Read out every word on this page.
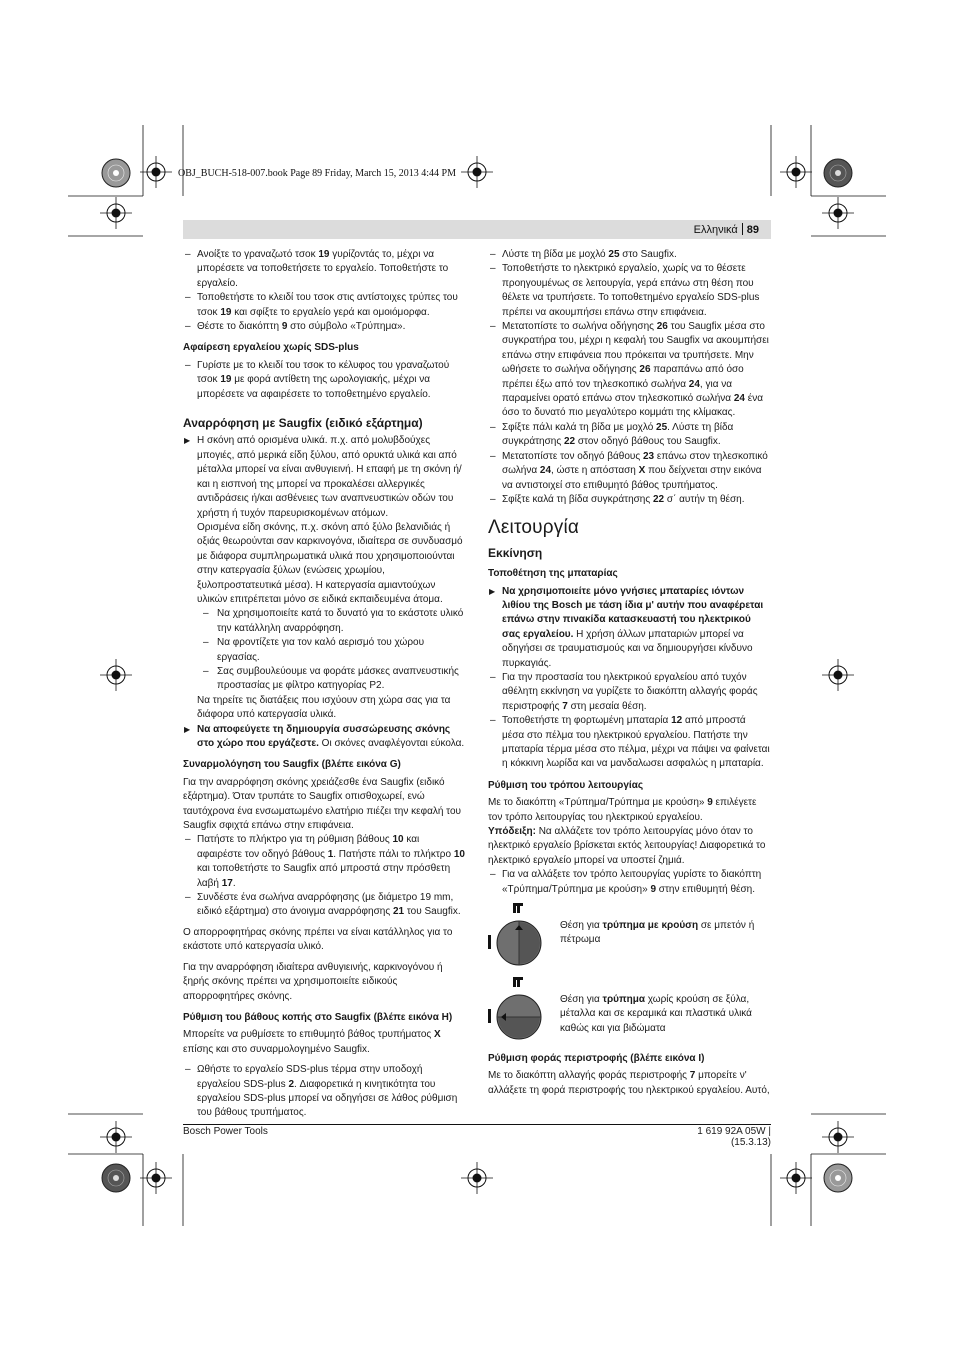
OBJ_BUCH-518-007.book Page 89 Friday, March 15, 2013 4:44 PM
Ελληνικά 89

– Ανοίξτε το γραναζωτό τσοκ 19 γυρίζοντάς το, μέχρι να μπορέσετε να τοποθετήσετε το εργαλείο. Τοποθετήστε το εργαλείο.

– Τοποθετήστε το κλειδί του τσοκ στις αντίστοιχες τρύπες του τσοκ 19 και σφίξτε το εργαλείο γερά και ομοιόμορφα.

– Θέστε το διακόπτη 9 στο σύμβολο «Τρύπημα».

Αφαίρεση εργαλείου χωρίς SDS-plus

– Γυρίστε με το κλειδί του τσοκ το κέλυφος του γραναζωτού τσοκ 19 με φορά αντίθετη της ωρολογιακής, μέχρι να μπορέσετε να αφαιρέσετε το τοποθετημένο εργαλείο.

Αναρρόφηση με Saugfix (ειδικό εξάρτημα)

▶ Η σκόνη από ορισμένα υλικά. π.χ. από μολυβδούχες μπογιές, από μερικά είδη ξύλου, από ορυκτά υλικά και από μέταλλα μπορεί να είναι ανθυγιεινή. Η επαφή με τη σκόνη ή/και η εισπνοή της μπορεί να προκαλέσει αλλεργικές αντιδράσεις ή/και ασθένειες των αναπνευστικών οδών του χρήστη ή τυχόν παρευρισκομένων ατόμων.

Ορισμένα είδη σκόνης, π.χ. σκόνη από ξύλο βελανιδιάς ή οξιάς θεωρούνται σαν καρκινογόνα, ιδιαίτερα σε συνδυασμό με διάφορα συμπληρωματικά υλικά που χρησιμοποιούνται στην κατεργασία ξύλων (ενώσεις χρωμίου, ξυλοπροστατευτικά μέσα). Η κατεργασία αμιαντούχων υλικών επιτρέπεται μόνο σε ειδικά εκπαιδευμένα άτομα.

– Να χρησιμοποιείτε κατά το δυνατό για το εκάστοτε υλικό την κατάλληλη αναρρόφηση.

– Να φροντίζετε για τον καλό αερισμό του χώρου εργασίας.

– Σας συμβουλεύουμε να φοράτε μάσκες αναπνευστικής προστασίας με φίλτρο κατηγορίας P2.

Να τηρείτε τις διατάξεις που ισχύουν στη χώρα σας για τα διάφορα υπό κατεργασία υλικά.

▶ Να αποφεύγετε τη δημιουργία συσσώρευσης σκόνης στο χώρο που εργάζεστε. Οι σκόνες αναφλέγονται εύκολα.

Συναρμολόγηση του Saugfix (βλέπε εικόνα G)

Για την αναρρόφηση σκόνης χρειάζεσθε ένα Saugfix (ειδικό εξάρτημα). Όταν τρυπάτε το Saugfix οπισθοχωρεί, ενώ ταυτόχρονα ένα ενσωματωμένο ελατήριο πιέζει την κεφαλή του Saugfix σφιχτά επάνω στην επιφάνεια.

– Πατήστε το πλήκτρο για τη ρύθμιση βάθους 10 και αφαιρέστε τον οδηγό βάθους 1. Πατήστε πάλι το πλήκτρο 10 και τοποθετήστε το Saugfix από μπροστά στην πρόσθετη λαβή 17.

– Συνδέστε ένα σωλήνα αναρρόφησης (με διάμετρο 19 mm, ειδικό εξάρτημα) στο άνοιγμα αναρρόφησης 21 του Saugfix.

Ο απορροφητήρας σκόνης πρέπει να είναι κατάλληλος για το εκάστοτε υπό κατεργασία υλικό.

Για την αναρρόφηση ιδιαίτερα ανθυγιεινής, καρκινογόνου ή ξηρής σκόνης πρέπει να χρησιμοποιείτε ειδικούς απορροφητήρες σκόνης.

Ρύθμιση του βάθους κοπής στο Saugfix (βλέπε εικόνα H)

Μπορείτε να ρυθμίσετε το επιθυμητό βάθος τρυπήματος X επίσης και στο συναρμολογημένο Saugfix.

– Ωθήστε το εργαλείο SDS-plus τέρμα στην υποδοχή εργαλείου SDS-plus 2. Διαφορετικά η κινητικότητα του εργαλείου SDS-plus μπορεί να οδηγήσει σε λάθος ρύθμιση του βάθους τρυπήματος.

– Λύστε τη βίδα με μοχλό 25 στο Saugfix.

– Τοποθετήστε το ηλεκτρικό εργαλείο, χωρίς να το θέσετε προηγουμένως σε λειτουργία, γερά επάνω στη θέση που θέλετε να τρυπήσετε. Το τοποθετημένο εργαλείο SDS-plus πρέπει να ακουμπήσει επάνω στην επιφάνεια.

– Μετατοπίστε το σωλήνα οδήγησης 26 του Saugfix μέσα στο συγκρατήρα του, μέχρι η κεφαλή του Saugfix να ακουμπήσει επάνω στην επιφάνεια που πρόκειται να τρυπήσετε. Μην ωθήσετε το σωλήνα οδήγησης 26 παραπάνω από όσο πρέπει έξω από τον τηλεσκοπικό σωλήνα 24, για να παραμείνει ορατό επάνω στον τηλεσκοπικό σωλήνα 24 ένα όσο το δυνατό πιο μεγαλύτερο κομμάτι της κλίμακας.

– Σφίξτε πάλι καλά τη βίδα με μοχλό 25. Λύστε τη βίδα συγκράτησης 22 στον οδηγό βάθους του Saugfix.

– Μετατοπίστε τον οδηγό βάθους 23 επάνω στον τηλεσκοπικό σωλήνα 24, ώστε η απόσταση X που δείχνεται στην εικόνα να αντιστοιχεί στο επιθυμητό βάθος τρυπήματος.

– Σφίξτε καλά τη βίδα συγκράτησης 22 σ΄ αυτήν τη θέση.

Λειτουργία

Εκκίνηση

Τοποθέτηση της μπαταρίας

▶ Να χρησιμοποιείτε μόνο γνήσιες μπαταρίες ιόντων λιθίου της Bosch με τάση ίδια μ' αυτήν που αναφέρεται επάνω στην πινακίδα κατασκευαστή του ηλεκτρικού σας εργαλείου. Η χρήση άλλων μπαταριών μπορεί να οδηγήσει σε τραυματισμούς και να δημιουργήσει κίνδυνο πυρκαγιάς.

– Για την προστασία του ηλεκτρικού εργαλείου από τυχόν αθέλητη εκκίνηση να γυρίζετε το διακόπτη αλλαγής φοράς περιστροφής 7 στη μεσαία θέση.

– Τοποθετήστε τη φορτωμένη μπαταρία 12 από μπροστά μέσα στο πέλμα του ηλεκτρικού εργαλείου. Πατήστε την μπαταρία τέρμα μέσα στο πέλμα, μέχρι να πάψει να φαίνεται η κόκκινη λωρίδα και να μανδαλωσει ασφαλώς η μπαταρία.

Ρύθμιση του τρόπου λειτουργίας

Με το διακόπτη «Τρύπημα/Τρύπημα με κρούση» 9 επιλέγετε τον τρόπο λειτουργίας του ηλεκτρικού εργαλείου.

Υπόδειξη: Να αλλάζετε τον τρόπο λειτουργίας μόνο όταν το ηλεκτρικό εργαλείο βρίσκεται εκτός λειτουργίας! Διαφορετικά το ηλεκτρικό εργαλείο μπορεί να υποστεί ζημιά.

– Για να αλλάξετε τον τρόπο λειτουργίας γυρίστε το διακόπτη «Τρύπημα/Τρύπημα με κρούση» 9 στην επιθυμητή θέση.

Θέση για τρύπημα με κρούση σε μπετόν ή πέτρωμα
Θέση για τρύπημα χωρίς κρούση σε ξύλα, μέταλλα και σε κεραμικά και πλαστικά υλικά καθώς και για βιδώματα

Ρύθμιση φοράς περιστροφής (βλέπε εικόνα I)

Με το διακόπτη αλλαγής φοράς περιστροφής 7 μπορείτε ν' αλλάξετε τη φορά περιστροφής του ηλεκτρικού εργαλείου. Αυτό,

Bosch Power Tools	1 619 92A 05W | (15.3.13)
